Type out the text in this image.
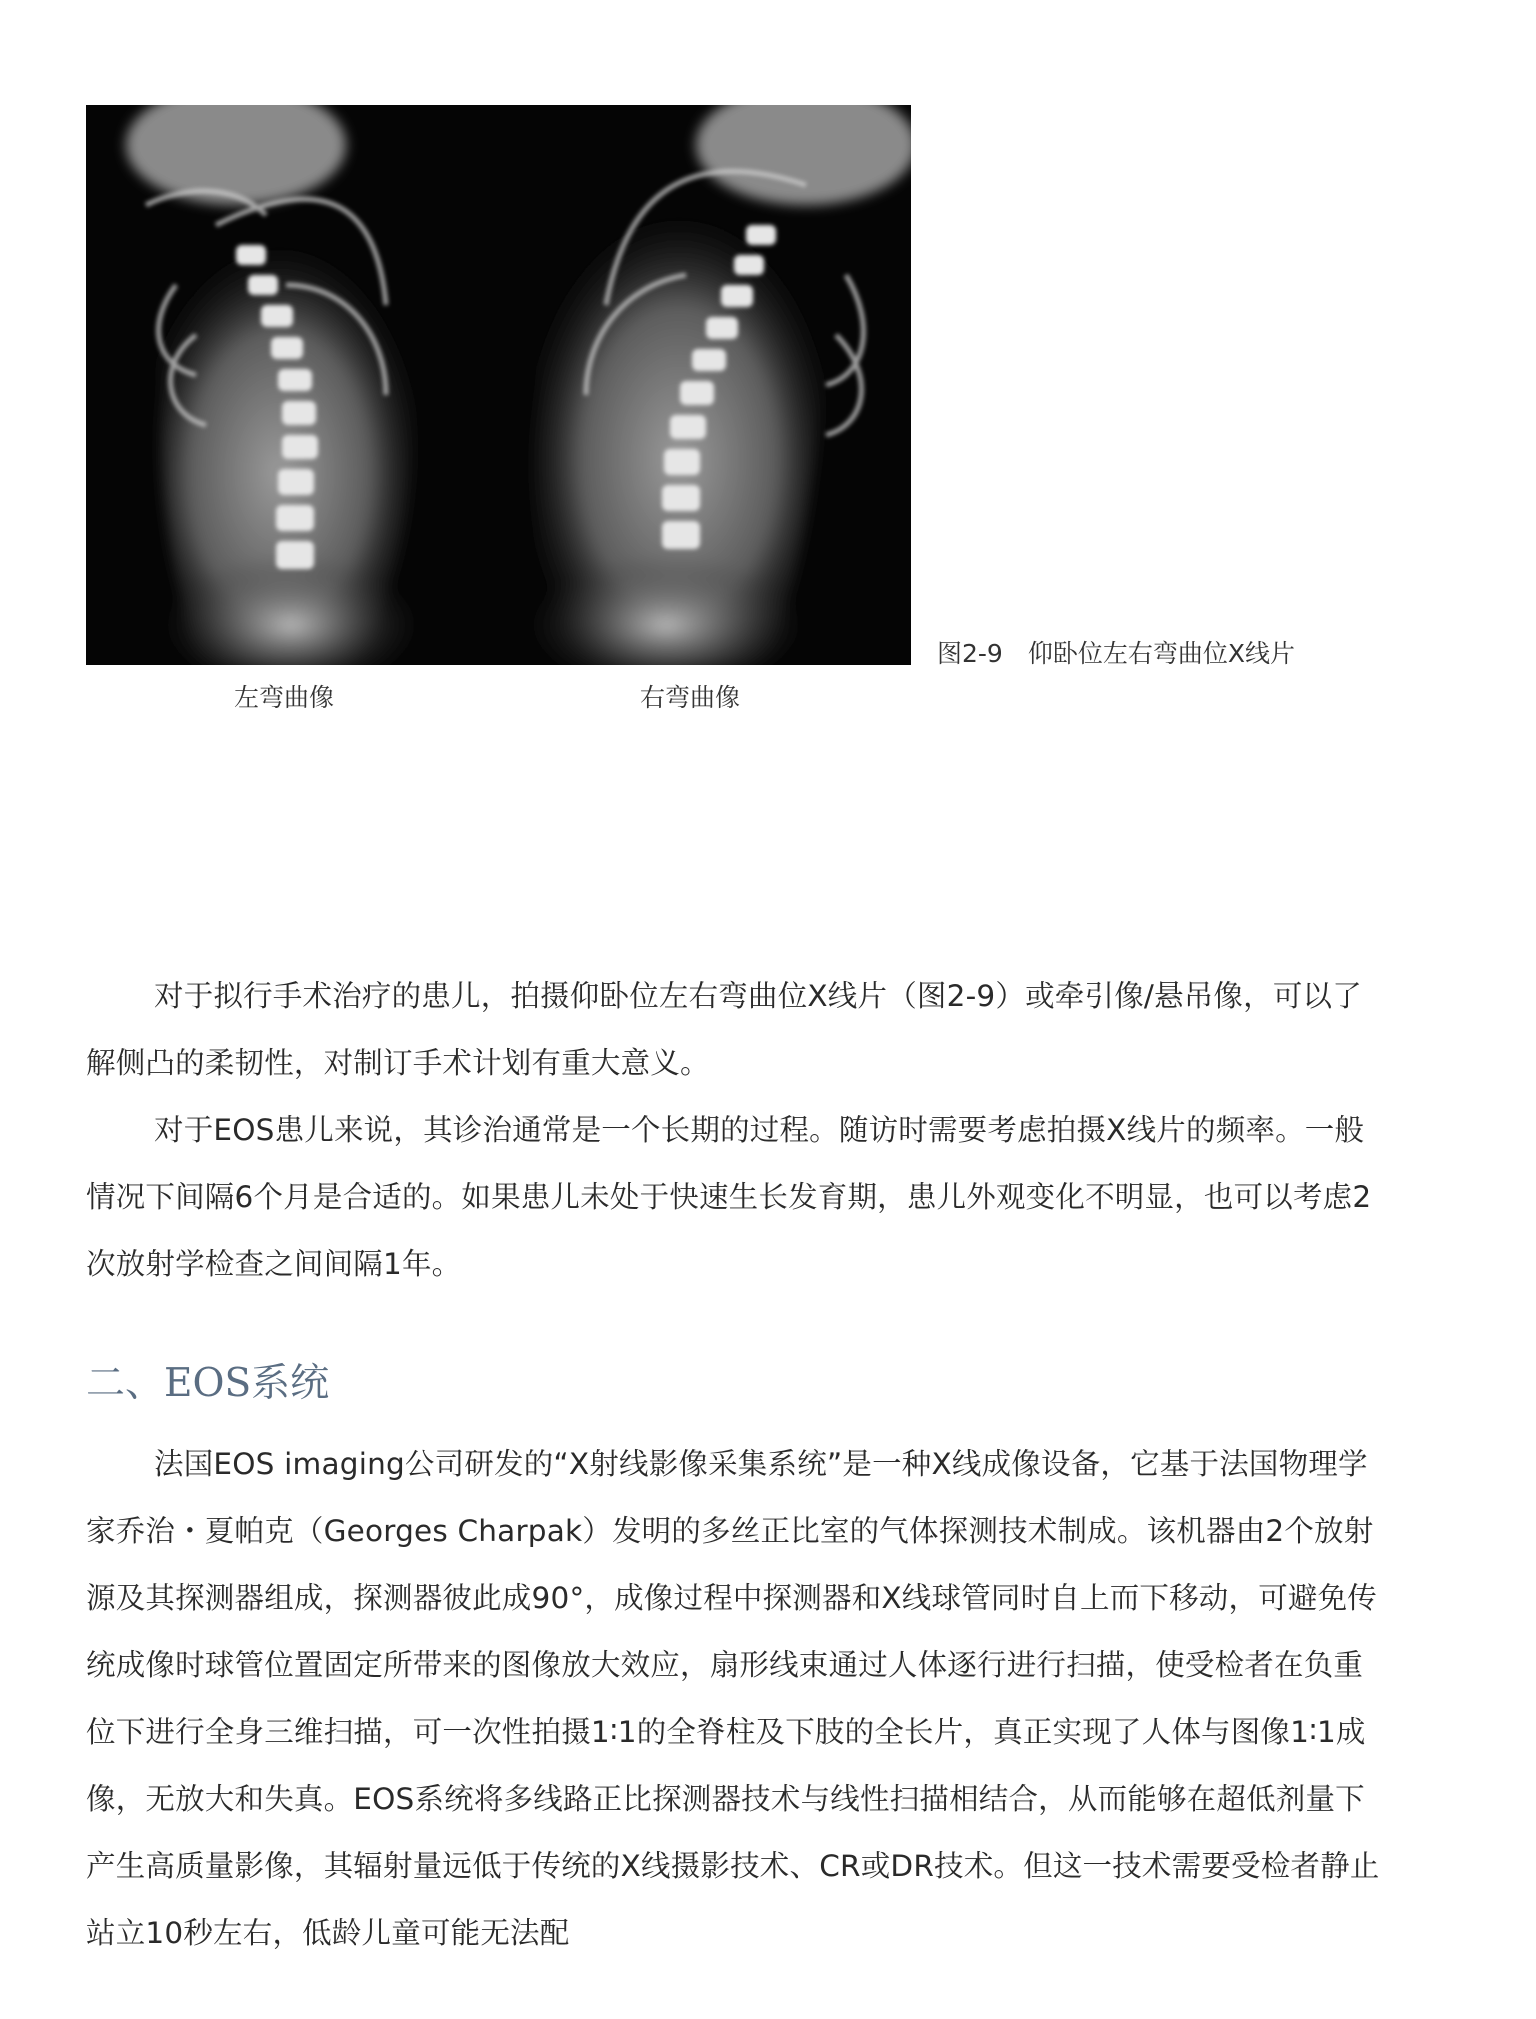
左弯曲像	右弯曲像
图2-9　仰卧位左右弯曲位X线片

对于拟行手术治疗的患儿，拍摄仰卧位左右弯曲位X线片（图2-9）或牵引像/悬吊像，可以了解侧凸的柔韧性，对制订手术计划有重大意义。

对于EOS患儿来说，其诊治通常是一个长期的过程。随访时需要考虑拍摄X线片的频率。一般情况下间隔6个月是合适的。如果患儿未处于快速生长发育期，患儿外观变化不明显，也可以考虑2次放射学检查之间间隔1年。

二、EOS系统

法国EOS imaging公司研发的“X射线影像采集系统”是一种X线成像设备，它基于法国物理学家乔治・夏帕克（Georges Charpak）发明的多丝正比室的气体探测技术制成。该机器由2个放射源及其探测器组成，探测器彼此成90°，成像过程中探测器和X线球管同时自上而下移动，可避免传统成像时球管位置固定所带来的图像放大效应，扇形线束通过人体逐行进行扫描，使受检者在负重位下进行全身三维扫描，可一次性拍摄1∶1的全脊柱及下肢的全长片，真正实现了人体与图像1∶1成像，无放大和失真。EOS系统将多线路正比探测器技术与线性扫描相结合，从而能够在超低剂量下产生高质量影像，其辐射量远低于传统的X线摄影技术、CR或DR技术。但这一技术需要受检者静止站立10秒左右，低龄儿童可能无法配
